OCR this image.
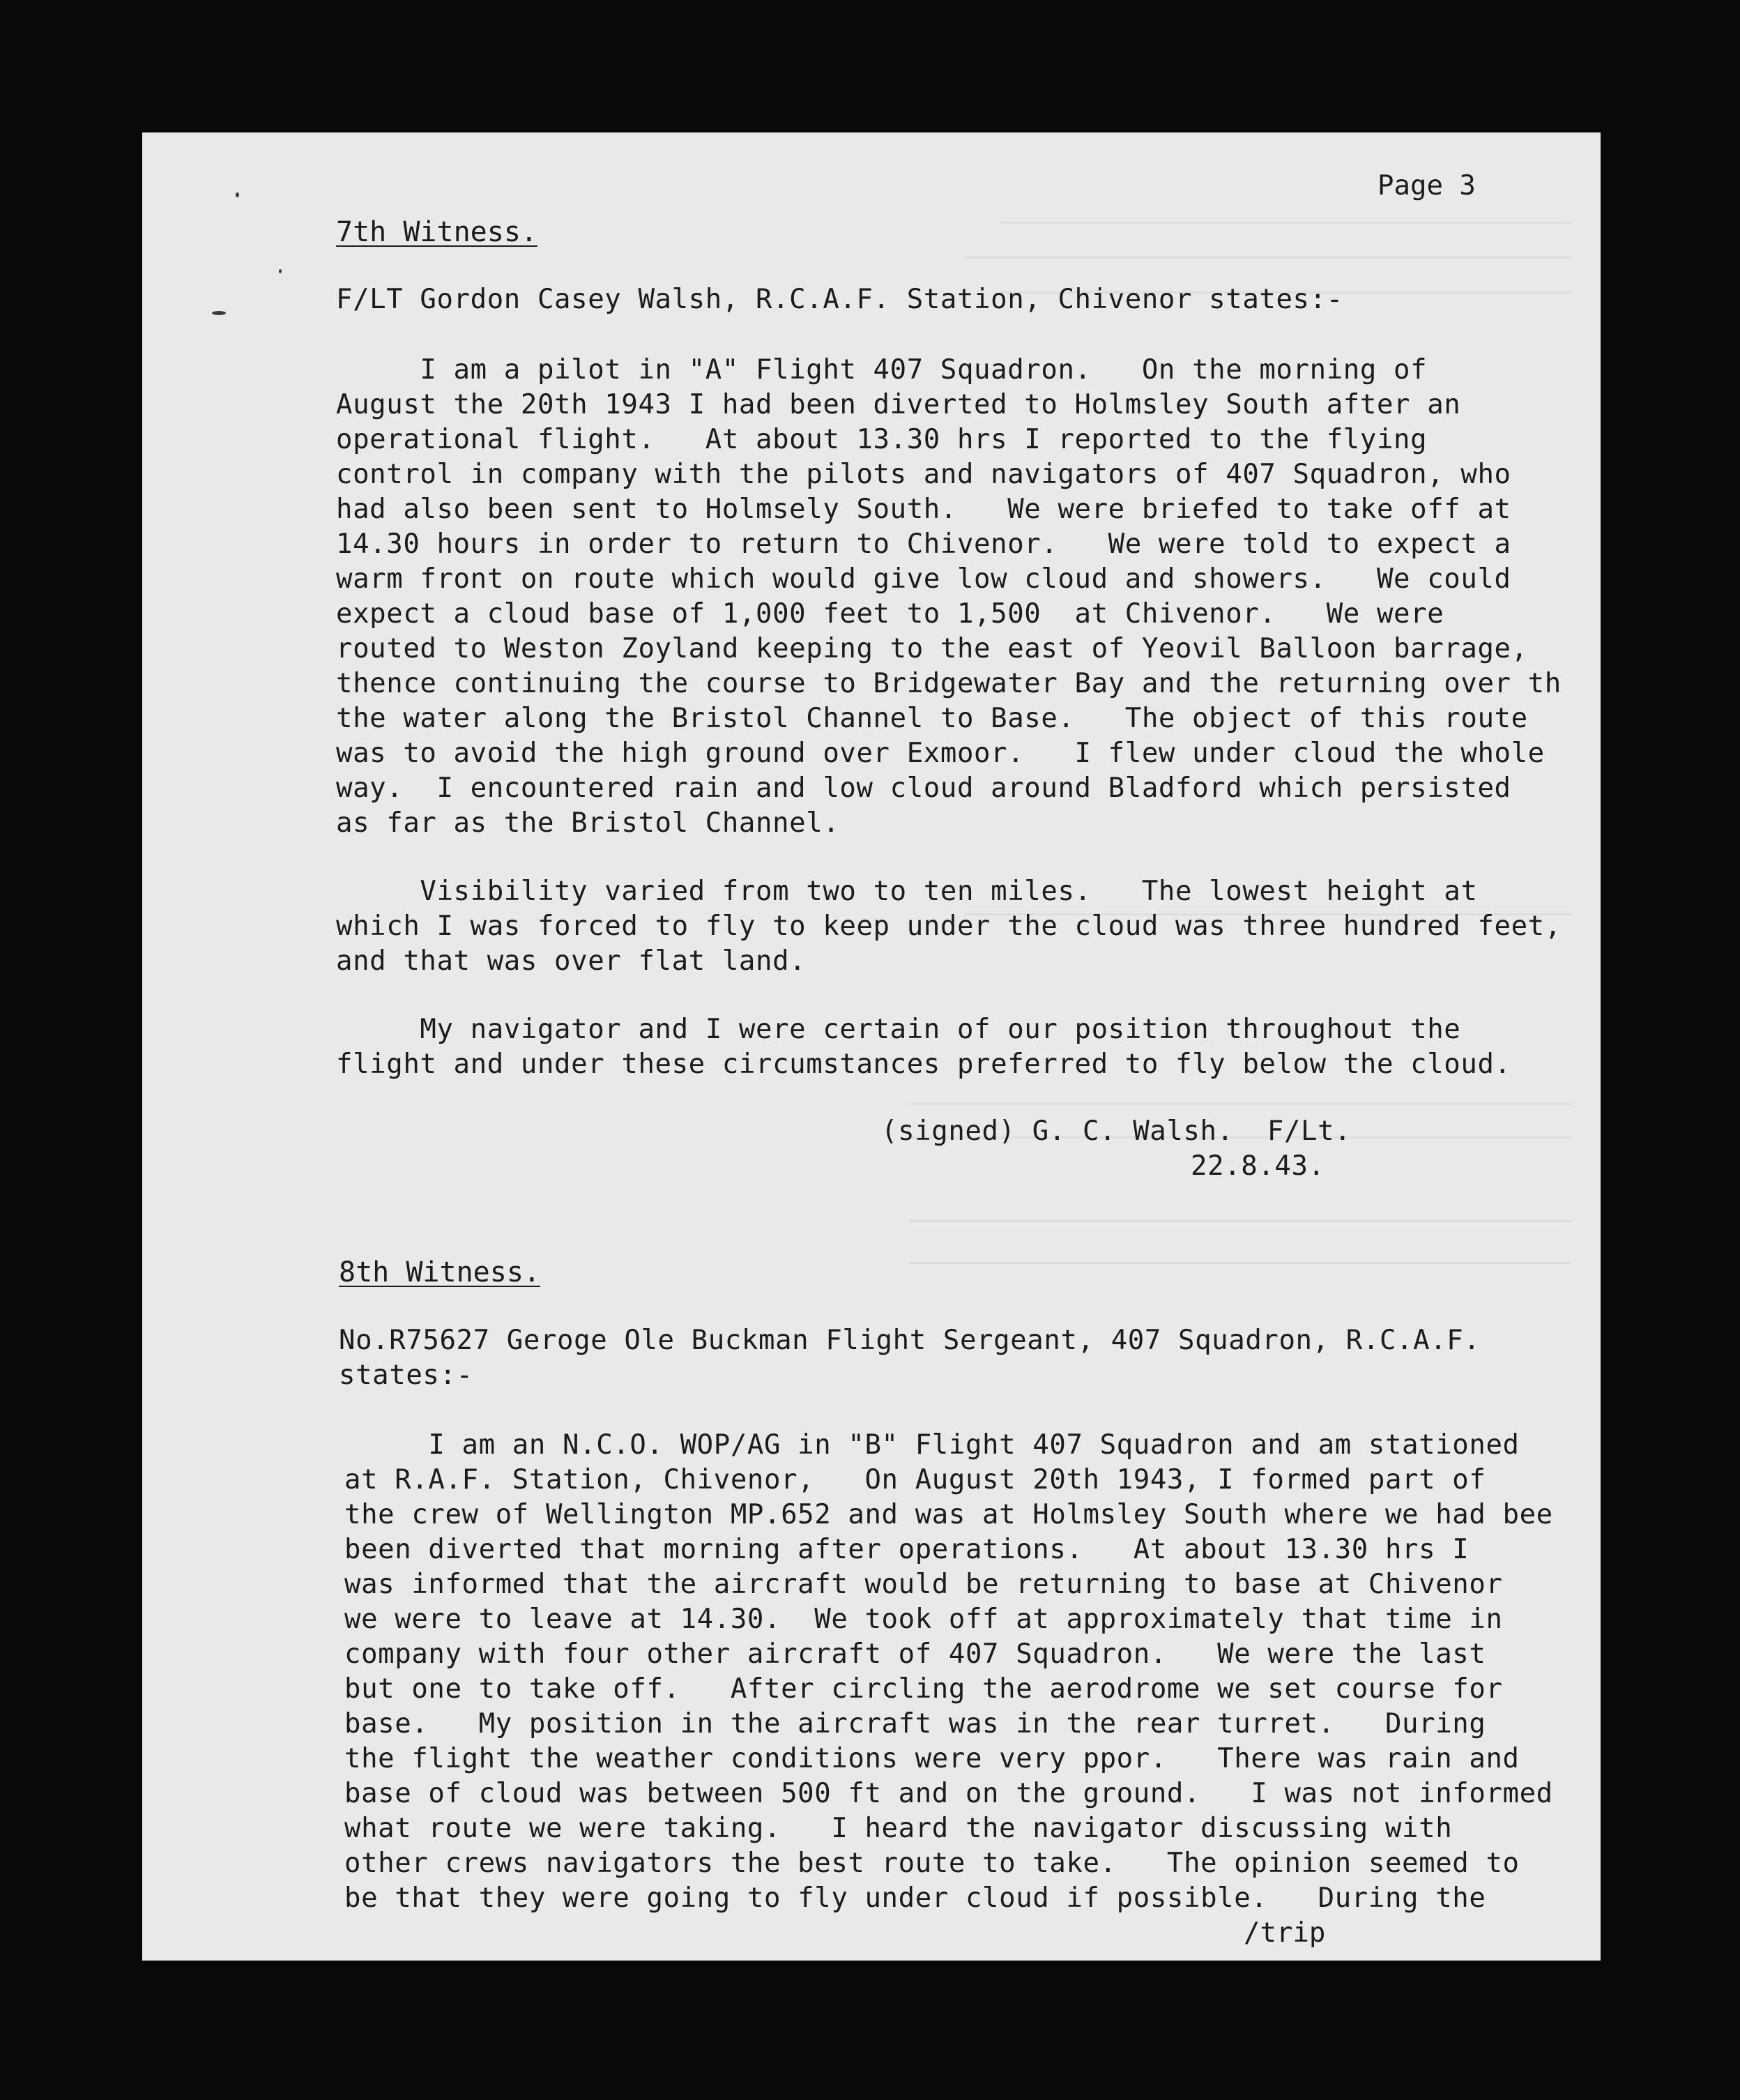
Page 3
7th Witness.
F/LT Gordon Casey Walsh, R.C.A.F. Station, Chivenor states:-
I am a pilot in "A" Flight 407 Squadron.   On the morning of
August the 20th 1943 I had been diverted to Holmsley South after an
operational flight.   At about 13.30 hrs I reported to the flying
control in company with the pilots and navigators of 407 Squadron, who
had also been sent to Holmsely South.   We were briefed to take off at
14.30 hours in order to return to Chivenor.   We were told to expect a
warm front on route which would give low cloud and showers.   We could
expect a cloud base of 1,000 feet to 1,500  at Chivenor.   We were
routed to Weston Zoyland keeping to the east of Yeovil Balloon barrage,
thence continuing the course to Bridgewater Bay and the returning over th
the water along the Bristol Channel to Base.   The object of this route
was to avoid the high ground over Exmoor.   I flew under cloud the whole
way.  I encountered rain and low cloud around Bladford which persisted
as far as the Bristol Channel.
Visibility varied from two to ten miles.   The lowest height at
which I was forced to fly to keep under the cloud was three hundred feet,
and that was over flat land.
My navigator and I were certain of our position throughout the
flight and under these circumstances preferred to fly below the cloud.
(signed) G. C. Walsh.  F/Lt.
22.8.43.
8th Witness.
No.R75627 Geroge Ole Buckman Flight Sergeant, 407 Squadron, R.C.A.F.
states:-
I am an N.C.O. WOP/AG in "B" Flight 407 Squadron and am stationed
at R.A.F. Station, Chivenor,   On August 20th 1943, I formed part of
the crew of Wellington MP.652 and was at Holmsley South where we had bee
been diverted that morning after operations.   At about 13.30 hrs I
was informed that the aircraft would be returning to base at Chivenor
we were to leave at 14.30.  We took off at approximately that time in
company with four other aircraft of 407 Squadron.   We were the last
but one to take off.   After circling the aerodrome we set course for
base.   My position in the aircraft was in the rear turret.   During
the flight the weather conditions were very ppor.   There was rain and
base of cloud was between 500 ft and on the ground.   I was not informed
what route we were taking.   I heard the navigator discussing with
other crews navigators the best route to take.   The opinion seemed to
be that they were going to fly under cloud if possible.   During the
/trip
